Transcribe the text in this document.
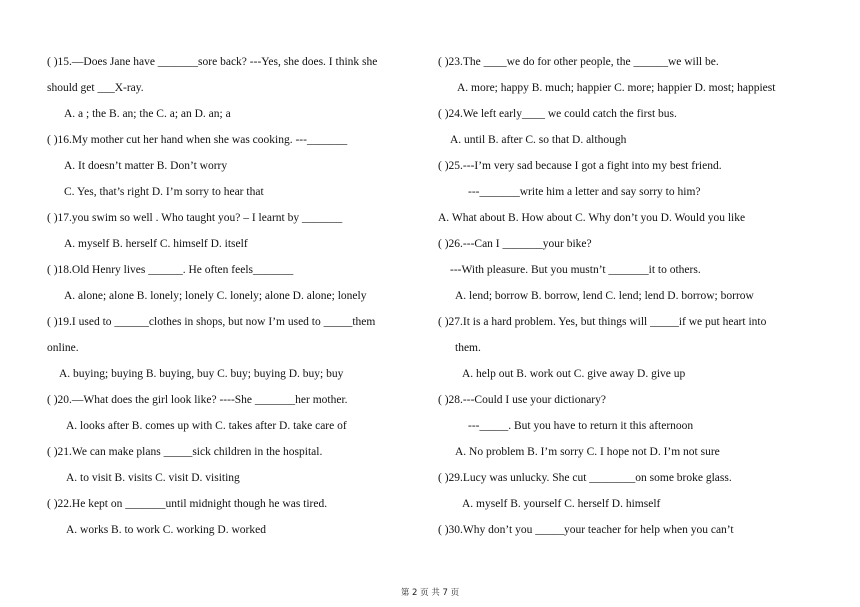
( )15.—Does Jane have _______sore back? ---Yes, she does. I think she
should get ___X-ray.
A. a ; the B. an; the C. a; an D. an; a
( )16.My mother cut her hand when she was cooking. ---_______
A. It doesn’t matter B. Don’t worry
C. Yes, that’s right D. I’m sorry to hear that
( )17.you swim so well . Who taught you? – I learnt by _______
A. myself B. herself C. himself D. itself
( )18.Old Henry lives ______. He often feels_______
A. alone; alone B. lonely; lonely C. lonely; alone D. alone; lonely
( )19.I used to ______clothes in shops, but now I’m used to _____them
online.
A. buying; buying B. buying, buy C. buy; buying D. buy; buy
( )20.—What does the girl look like? ----She _______her mother.
A. looks after B. comes up with C. takes after D. take care of
( )21.We can make plans _____sick children in the hospital.
A. to visit B. visits C. visit D. visiting
( )22.He kept on _______until midnight though he was tired.
A. works B. to work C. working D. worked
( )23.The ____we do for other people, the ______we will be.
A. more; happy B. much; happier C. more; happier D. most; happiest
( )24.We left early____ we could catch the first bus.
A. until B. after C. so that D. although
( )25.---I’m very sad because I got a fight into my best friend.
---_______write him a letter and say sorry to him?
A. What about B. How about C. Why don’t you D. Would you like
( )26.---Can I _______your bike?
---With pleasure. But you mustn’t _______it to others.
A. lend; borrow B. borrow, lend C. lend; lend D. borrow; borrow
( )27.It is a hard problem. Yes, but things will _____if we put heart into
them.
A. help out B. work out C. give away D. give up
( )28.---Could I use your dictionary?
---_____. But you have to return it this afternoon
A. No problem B. I’m sorry C. I hope not D. I’m not sure
( )29.Lucy was unlucky. She cut ________on some broke glass.
A. myself B. yourself C. herself D. himself
( )30.Why don’t you _____your teacher for help when you can’t
第 2 页 共 7 页
